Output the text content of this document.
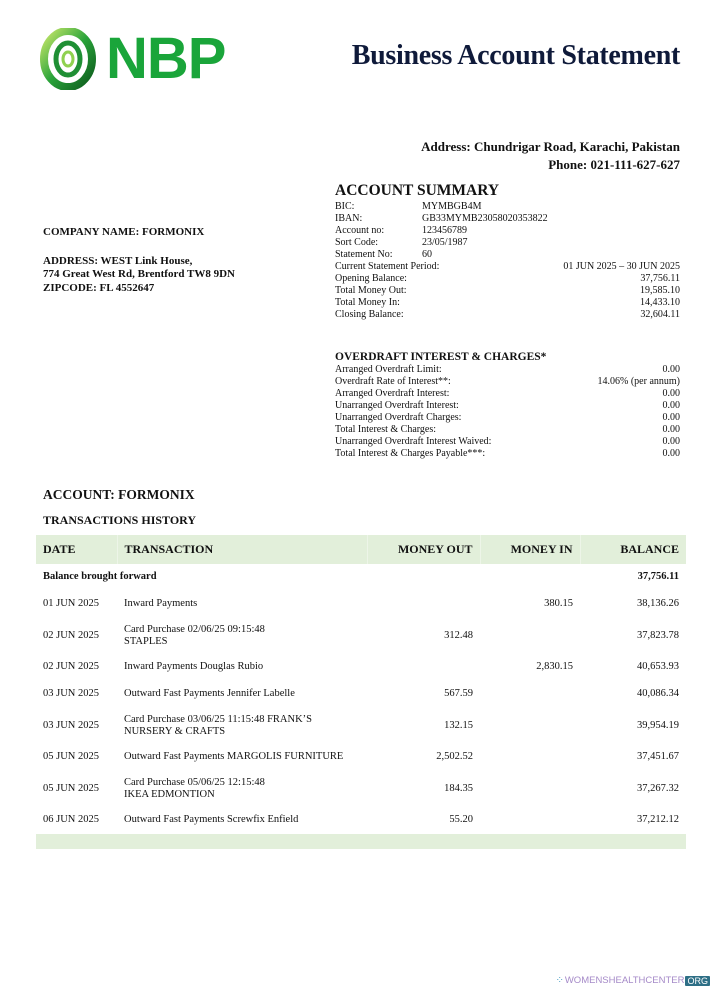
NBP	Business Account Statement
Address: Chundrigar Road, Karachi, Pakistan
Phone: 021-111-627-627
COMPANY NAME: FORMONIX
ADDRESS: WEST Link House,
774 Great West Rd, Brentford TW8 9DN
ZIPCODE: FL 4552647
ACCOUNT SUMMARY
BIC:	MYMBGB4M
IBAN:	GB33MYMB23058020353822
Account no:	123456789
Sort Code:	23/05/1987
Statement No:	60
Current Statement Period:	01 JUN 2025 – 30 JUN 2025
Opening Balance:	37,756.11
Total Money Out:	19,585.10
Total Money In:	14,433.10
Closing Balance:	32,604.11
OVERDRAFT INTEREST & CHARGES*
Arranged Overdraft Limit:	0.00
Overdraft Rate of Interest**:	14.06% (per annum)
Arranged Overdraft Interest:	0.00
Unarranged Overdraft Interest:	0.00
Unarranged Overdraft Charges:	0.00
Total Interest & Charges:	0.00
Unarranged Overdraft Interest Waived:	0.00
Total Interest & Charges Payable***:	0.00
ACCOUNT: FORMONIX
TRANSACTIONS HISTORY
DATE	TRANSACTION	MONEY OUT	MONEY IN	BALANCE
Balance brought forward				37,756.11
01 JUN 2025	Inward Payments		380.15	38,136.26
02 JUN 2025	Card Purchase 02/06/25 09:15:48
STAPLES	312.48		37,823.78
02 JUN 2025	Inward Payments Douglas Rubio		2,830.15	40,653.93
03 JUN 2025	Outward Fast Payments Jennifer Labelle	567.59		40,086.34
03 JUN 2025	Card Purchase 03/06/25 11:15:48 FRANK’S
NURSERY & CRAFTS	132.15		39,954.19
05 JUN 2025	Outward Fast Payments MARGOLIS FURNITURE	2,502.52		37,451.67
05 JUN 2025	Card Purchase 05/06/25 12:15:48
IKEA EDMONTION	184.35		37,267.32
06 JUN 2025	Outward Fast Payments Screwfix Enfield	55.20		37,212.12

⁘ WOMENSHEALTHCENTER ORG
